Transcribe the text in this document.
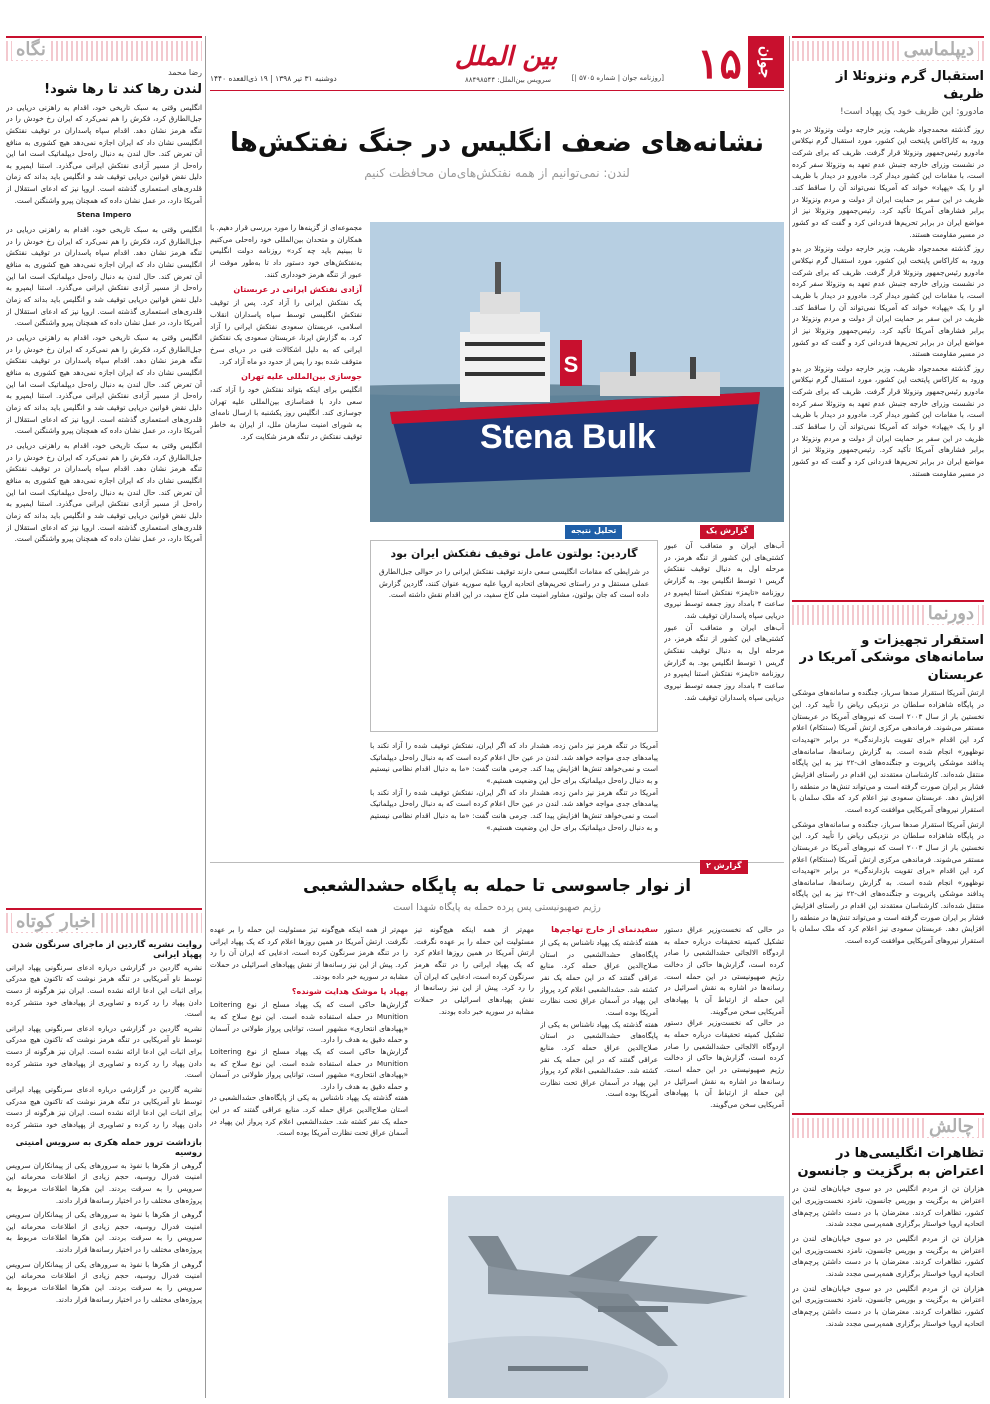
جوان
۱۵
[روزنامه جوان | شماره ۵۷۰۵ |]
بین الملل
سرویس بین‌الملل: ۸۸۴۹۸۵۴۴
دوشنبه ۳۱ تیر ۱۳۹۸ | ۱۹ ذی‌القعده ۱۴۴۰
نشانه‌های ضعف انگلیس در جنگ نفتکش‌ها
لندن: نمی‌توانیم از همه نفتکش‌های‌مان محافظت کنیم

مجموعه‌ای از گزینه‌ها را مورد بررسی قرار دهیم. با همکاران و متحدان بین‌المللی خود راه‌حلی می‌کنیم تا ببینیم باید چه کرد» روزنامه دولت انگلیس به‌نفتکش‌های خود دستور داد تا به‌طور موقت از عبور از تنگه هرمز خودداری کنند.

آزادی نفتکش ایرانی در عربستان

یک نفتکش ایرانی را آزاد کرد. پس از توقیف نفتکش انگلیسی توسط سپاه پاسداران انقلاب اسلامی، عربستان سعودی نفتکش ایرانی را آزاد کرد. به گزارش ایرنا، عربستان سعودی یک نفتکش ایرانی که به دلیل اشکالات فنی در دریای سرخ متوقف شده بود را پس از حدود دو ماه آزاد کرد.

جوسازی بین‌المللی علیه تهران

انگلیس برای اینکه بتواند نفتکش خود را آزاد کند، سعی دارد با فضاسازی بین‌المللی علیه تهران جوسازی کند. انگلیس روز یکشنبه با ارسال نامه‌ای به شورای امنیت سازمان ملل، از ایران به خاطر توقیف نفتکش در تنگه هرمز شکایت کرد.

S
Stena Bulk
تحلیل نتیجه	گزارش یک
گاردین: بولتون عامل توقیف نفتکش ایران بود
در شرایطی که مقامات انگلیسی سعی دارند توقیف نفتکش ایرانی را در حوالی جبل‌الطارق عملی مستقل و در راستای تحریم‌های اتحادیه اروپا علیه سوریه عنوان کنند، گاردین گزارش داده است که جان بولتون، مشاور امنیت ملی کاخ سفید، در این اقدام نقش داشته است.

آب‌های ایران و متعاقب آن عبور کشتی‌های این کشور از تنگه هرمز، در مرحله اول به دنبال توقیف نفتکش گریس ۱ توسط انگلیس بود. به گزارش روزنامه «تایمز» نفتکش استنا ایمپرو در ساعت ۴ بامداد روز جمعه توسط نیروی دریایی سپاه پاسداران توقیف شد.

آب‌های ایران و متعاقب آن عبور کشتی‌های این کشور از تنگه هرمز، در مرحله اول به دنبال توقیف نفتکش گریس ۱ توسط انگلیس بود. به گزارش روزنامه «تایمز» نفتکش استنا ایمپرو در ساعت ۴ بامداد روز جمعه توسط نیروی دریایی سپاه پاسداران توقیف شد.

آمریکا در تنگه هرمز نیز دامن زده، هشدار داد که اگر ایران، نفتکش توقیف شده را آزاد نکند با پیامدهای جدی مواجه خواهد شد. لندن در عین حال اعلام کرده است که به دنبال راه‌حل دیپلماتیک است و نمی‌خواهد تنش‌ها افزایش پیدا کند. جرمی هانت گفت: «ما به دنبال اقدام نظامی نیستیم و به دنبال راه‌حل دیپلماتیک برای حل این وضعیت هستیم.»

آمریکا در تنگه هرمز نیز دامن زده، هشدار داد که اگر ایران، نفتکش توقیف شده را آزاد نکند با پیامدهای جدی مواجه خواهد شد. لندن در عین حال اعلام کرده است که به دنبال راه‌حل دیپلماتیک است و نمی‌خواهد تنش‌ها افزایش پیدا کند. جرمی هانت گفت: «ما به دنبال اقدام نظامی نیستیم و به دنبال راه‌حل دیپلماتیک برای حل این وضعیت هستیم.»

گزارش ۲
از نوار جاسوسی تا حمله به پایگاه حشدالشعبی
رژیم صهیونیستی پس پرده حمله به پایگاه شهدا است

در حالی که نخست‌وزیر عراق دستور تشکیل کمیته تحقیقات درباره حمله به اردوگاه الالجاثی حشدالشعبی را صادر کرده است، گزارش‌ها حاکی از دخالت رژیم صهیونیستی در این حمله است. رسانه‌ها در اشاره به نقش اسرائیل در این حمله از ارتباط آن با پهپادهای آمریکایی سخن می‌گویند.

در حالی که نخست‌وزیر عراق دستور تشکیل کمیته تحقیقات درباره حمله به اردوگاه الالجاثی حشدالشعبی را صادر کرده است، گزارش‌ها حاکی از دخالت رژیم صهیونیستی در این حمله است. رسانه‌ها در اشاره به نقش اسرائیل در این حمله از ارتباط آن با پهپادهای آمریکایی سخن می‌گویند.

سفیدنمای از خارج تهاجم‌ها

هفته گذشته یک پهپاد ناشناس به یکی از پایگاه‌های حشدالشعبی در استان صلاح‌الدین عراق حمله کرد. منابع عراقی گفتند که در این حمله یک نفر کشته شد. حشدالشعبی اعلام کرد پرواز این پهپاد در آسمان عراق تحت نظارت آمریکا بوده است.

هفته گذشته یک پهپاد ناشناس به یکی از پایگاه‌های حشدالشعبی در استان صلاح‌الدین عراق حمله کرد. منابع عراقی گفتند که در این حمله یک نفر کشته شد. حشدالشعبی اعلام کرد پرواز این پهپاد در آسمان عراق تحت نظارت آمریکا بوده است.

مهم‌تر از همه اینکه هیچ‌گونه تیز مسئولیت این حمله را بر عهده نگرفت. ارتش آمریکا در همین روزها اعلام کرد که یک پهپاد ایرانی را در تنگه هرمز سرنگون کرده است، ادعایی که ایران آن را رد کرد. پیش از این نیز رسانه‌ها از نقش پهپادهای اسرائیلی در حملات مشابه در سوریه خبر داده بودند.

مهم‌تر از همه اینکه هیچ‌گونه تیز مسئولیت این حمله را بر عهده نگرفت. ارتش آمریکا در همین روزها اعلام کرد که یک پهپاد ایرانی را در تنگه هرمز سرنگون کرده است، ادعایی که ایران آن را رد کرد. پیش از این نیز رسانه‌ها از نقش پهپادهای اسرائیلی در حملات مشابه در سوریه خبر داده بودند.

پهپاد یا موشک هدایت شونده؟

گزارش‌ها حاکی است که یک پهپاد مسلح از نوع Loitering Munition در حمله استفاده شده است. این نوع سلاح که به «پهپادهای انتحاری» مشهور است، توانایی پرواز طولانی در آسمان و حمله دقیق به هدف را دارد.

گزارش‌ها حاکی است که یک پهپاد مسلح از نوع Loitering Munition در حمله استفاده شده است. این نوع سلاح که به «پهپادهای انتحاری» مشهور است، توانایی پرواز طولانی در آسمان و حمله دقیق به هدف را دارد.

هفته گذشته یک پهپاد ناشناس به یکی از پایگاه‌های حشدالشعبی در استان صلاح‌الدین عراق حمله کرد. منابع عراقی گفتند که در این حمله یک نفر کشته شد. حشدالشعبی اعلام کرد پرواز این پهپاد در آسمان عراق تحت نظارت آمریکا بوده است.

دیپلماسی
استقبال گرم ونزوئلا از ظریف
مادورو: این ظریف خود یک پهپاد است!

روز گذشته محمدجواد ظریف، وزیر خارجه دولت ونزوئلا در بدو ورود به کاراکاس پایتخت این کشور، مورد استقبال گرم نیکلاس مادورو رئیس‌جمهور ونزوئلا قرار گرفت. ظریف که برای شرکت در نشست وزرای خارجه جنبش عدم تعهد به ونزوئلا سفر کرده است، با مقامات این کشور دیدار کرد. مادورو در دیدار با ظریف او را یک «پهپاد» خواند که آمریکا نمی‌تواند آن را ساقط کند. ظریف در این سفر بر حمایت ایران از دولت و مردم ونزوئلا در برابر فشارهای آمریکا تأکید کرد. رئیس‌جمهور ونزوئلا نیز از مواضع ایران در برابر تحریم‌ها قدردانی کرد و گفت که دو کشور در مسیر مقاومت هستند.

روز گذشته محمدجواد ظریف، وزیر خارجه دولت ونزوئلا در بدو ورود به کاراکاس پایتخت این کشور، مورد استقبال گرم نیکلاس مادورو رئیس‌جمهور ونزوئلا قرار گرفت. ظریف که برای شرکت در نشست وزرای خارجه جنبش عدم تعهد به ونزوئلا سفر کرده است، با مقامات این کشور دیدار کرد. مادورو در دیدار با ظریف او را یک «پهپاد» خواند که آمریکا نمی‌تواند آن را ساقط کند. ظریف در این سفر بر حمایت ایران از دولت و مردم ونزوئلا در برابر فشارهای آمریکا تأکید کرد. رئیس‌جمهور ونزوئلا نیز از مواضع ایران در برابر تحریم‌ها قدردانی کرد و گفت که دو کشور در مسیر مقاومت هستند.

روز گذشته محمدجواد ظریف، وزیر خارجه دولت ونزوئلا در بدو ورود به کاراکاس پایتخت این کشور، مورد استقبال گرم نیکلاس مادورو رئیس‌جمهور ونزوئلا قرار گرفت. ظریف که برای شرکت در نشست وزرای خارجه جنبش عدم تعهد به ونزوئلا سفر کرده است، با مقامات این کشور دیدار کرد. مادورو در دیدار با ظریف او را یک «پهپاد» خواند که آمریکا نمی‌تواند آن را ساقط کند. ظریف در این سفر بر حمایت ایران از دولت و مردم ونزوئلا در برابر فشارهای آمریکا تأکید کرد. رئیس‌جمهور ونزوئلا نیز از مواضع ایران در برابر تحریم‌ها قدردانی کرد و گفت که دو کشور در مسیر مقاومت هستند.

دورنما
استقرار تجهیزات و سامانه‌های موشکی آمریکا در عربستان

ارتش آمریکا استقرار صدها سرباز، جنگنده و سامانه‌های موشکی در پایگاه شاهزاده سلطان در نزدیکی ریاض را تأیید کرد. این نخستین بار از سال ۲۰۰۳ است که نیروهای آمریکا در عربستان مستقر می‌شوند. فرماندهی مرکزی ارتش آمریکا (سنتکام) اعلام کرد این اقدام «برای تقویت بازدارندگی» در برابر «تهدیدات نوظهور» انجام شده است. به گزارش رسانه‌ها، سامانه‌های پدافند موشکی پاتریوت و جنگنده‌های اف-۲۲ نیز به این پایگاه منتقل شده‌اند. کارشناسان معتقدند این اقدام در راستای افزایش فشار بر ایران صورت گرفته است و می‌تواند تنش‌ها در منطقه را افزایش دهد. عربستان سعودی نیز اعلام کرد که ملک سلمان با استقرار نیروهای آمریکایی موافقت کرده است.

ارتش آمریکا استقرار صدها سرباز، جنگنده و سامانه‌های موشکی در پایگاه شاهزاده سلطان در نزدیکی ریاض را تأیید کرد. این نخستین بار از سال ۲۰۰۳ است که نیروهای آمریکا در عربستان مستقر می‌شوند. فرماندهی مرکزی ارتش آمریکا (سنتکام) اعلام کرد این اقدام «برای تقویت بازدارندگی» در برابر «تهدیدات نوظهور» انجام شده است. به گزارش رسانه‌ها، سامانه‌های پدافند موشکی پاتریوت و جنگنده‌های اف-۲۲ نیز به این پایگاه منتقل شده‌اند. کارشناسان معتقدند این اقدام در راستای افزایش فشار بر ایران صورت گرفته است و می‌تواند تنش‌ها در منطقه را افزایش دهد. عربستان سعودی نیز اعلام کرد که ملک سلمان با استقرار نیروهای آمریکایی موافقت کرده است.

چالش
تظاهرات انگلیسی‌ها در اعتراض به برگزیت و جانسون

هزاران تن از مردم انگلیس در دو سوی خیابان‌های لندن در اعتراض به برگزیت و بوریس جانسون، نامزد نخست‌وزیری این کشور، تظاهرات کردند. معترضان با در دست داشتن پرچم‌های اتحادیه اروپا خواستار برگزاری همه‌پرسی مجدد شدند.

هزاران تن از مردم انگلیس در دو سوی خیابان‌های لندن در اعتراض به برگزیت و بوریس جانسون، نامزد نخست‌وزیری این کشور، تظاهرات کردند. معترضان با در دست داشتن پرچم‌های اتحادیه اروپا خواستار برگزاری همه‌پرسی مجدد شدند.

هزاران تن از مردم انگلیس در دو سوی خیابان‌های لندن در اعتراض به برگزیت و بوریس جانسون، نامزد نخست‌وزیری این کشور، تظاهرات کردند. معترضان با در دست داشتن پرچم‌های اتحادیه اروپا خواستار برگزاری همه‌پرسی مجدد شدند.

نگاه
رضا محمد
لندن رها کند تا رها شود!

انگلیس وقتی به سبک تاریخی خود، اقدام به راهزنی دریایی در جبل‌الطارق کرد، فکرش را هم نمی‌کرد که ایران رخ خودش را در تنگه هرمز نشان دهد. اقدام سپاه پاسداران در توقیف نفتکش انگلیسی نشان داد که ایران اجازه نمی‌دهد هیچ کشوری به منافع آن تعرض کند. حال لندن به دنبال راه‌حل دیپلماتیک است اما این راه‌حل از مسیر آزادی نفتکش ایرانی می‌گذرد. استنا ایمپرو به دلیل نقض قوانین دریایی توقیف شد و انگلیس باید بداند که زمان قلدری‌های استعماری گذشته است. اروپا نیز که ادعای استقلال از آمریکا دارد، در عمل نشان داده که همچنان پیرو واشنگتن است.

Stena Impero

انگلیس وقتی به سبک تاریخی خود، اقدام به راهزنی دریایی در جبل‌الطارق کرد، فکرش را هم نمی‌کرد که ایران رخ خودش را در تنگه هرمز نشان دهد. اقدام سپاه پاسداران در توقیف نفتکش انگلیسی نشان داد که ایران اجازه نمی‌دهد هیچ کشوری به منافع آن تعرض کند. حال لندن به دنبال راه‌حل دیپلماتیک است اما این راه‌حل از مسیر آزادی نفتکش ایرانی می‌گذرد. استنا ایمپرو به دلیل نقض قوانین دریایی توقیف شد و انگلیس باید بداند که زمان قلدری‌های استعماری گذشته است. اروپا نیز که ادعای استقلال از آمریکا دارد، در عمل نشان داده که همچنان پیرو واشنگتن است.

انگلیس وقتی به سبک تاریخی خود، اقدام به راهزنی دریایی در جبل‌الطارق کرد، فکرش را هم نمی‌کرد که ایران رخ خودش را در تنگه هرمز نشان دهد. اقدام سپاه پاسداران در توقیف نفتکش انگلیسی نشان داد که ایران اجازه نمی‌دهد هیچ کشوری به منافع آن تعرض کند. حال لندن به دنبال راه‌حل دیپلماتیک است اما این راه‌حل از مسیر آزادی نفتکش ایرانی می‌گذرد. استنا ایمپرو به دلیل نقض قوانین دریایی توقیف شد و انگلیس باید بداند که زمان قلدری‌های استعماری گذشته است. اروپا نیز که ادعای استقلال از آمریکا دارد، در عمل نشان داده که همچنان پیرو واشنگتن است.

انگلیس وقتی به سبک تاریخی خود، اقدام به راهزنی دریایی در جبل‌الطارق کرد، فکرش را هم نمی‌کرد که ایران رخ خودش را در تنگه هرمز نشان دهد. اقدام سپاه پاسداران در توقیف نفتکش انگلیسی نشان داد که ایران اجازه نمی‌دهد هیچ کشوری به منافع آن تعرض کند. حال لندن به دنبال راه‌حل دیپلماتیک است اما این راه‌حل از مسیر آزادی نفتکش ایرانی می‌گذرد. استنا ایمپرو به دلیل نقض قوانین دریایی توقیف شد و انگلیس باید بداند که زمان قلدری‌های استعماری گذشته است. اروپا نیز که ادعای استقلال از آمریکا دارد، در عمل نشان داده که همچنان پیرو واشنگتن است.

اخبار کوتاه
روایت نشریه گاردین از ماجرای سرنگون شدن پهپاد ایرانی

نشریه گاردین در گزارشی درباره ادعای سرنگونی پهپاد ایرانی توسط ناو آمریکایی در تنگه هرمز نوشت که تاکنون هیچ مدرکی برای اثبات این ادعا ارائه نشده است. ایران نیز هرگونه از دست دادن پهپاد را رد کرده و تصاویری از پهپادهای خود منتشر کرده است.

نشریه گاردین در گزارشی درباره ادعای سرنگونی پهپاد ایرانی توسط ناو آمریکایی در تنگه هرمز نوشت که تاکنون هیچ مدرکی برای اثبات این ادعا ارائه نشده است. ایران نیز هرگونه از دست دادن پهپاد را رد کرده و تصاویری از پهپادهای خود منتشر کرده است.

نشریه گاردین در گزارشی درباره ادعای سرنگونی پهپاد ایرانی توسط ناو آمریکایی در تنگه هرمز نوشت که تاکنون هیچ مدرکی برای اثبات این ادعا ارائه نشده است. ایران نیز هرگونه از دست دادن پهپاد را رد کرده و تصاویری از پهپادهای خود منتشر کرده

بازداشت ترور حمله هکری به سرویس امنیتی روسیه

گروهی از هکرها با نفوذ به سرورهای یکی از پیمانکاران سرویس امنیت فدرال روسیه، حجم زیادی از اطلاعات محرمانه این سرویس را به سرقت بردند. این هکرها اطلاعات مربوط به پروژه‌های مختلف را در اختیار رسانه‌ها قرار دادند.

گروهی از هکرها با نفوذ به سرورهای یکی از پیمانکاران سرویس امنیت فدرال روسیه، حجم زیادی از اطلاعات محرمانه این سرویس را به سرقت بردند. این هکرها اطلاعات مربوط به پروژه‌های مختلف را در اختیار رسانه‌ها قرار دادند.

گروهی از هکرها با نفوذ به سرورهای یکی از پیمانکاران سرویس امنیت فدرال روسیه، حجم زیادی از اطلاعات محرمانه این سرویس را به سرقت بردند. این هکرها اطلاعات مربوط به پروژه‌های مختلف را در اختیار رسانه‌ها قرار دادند.
